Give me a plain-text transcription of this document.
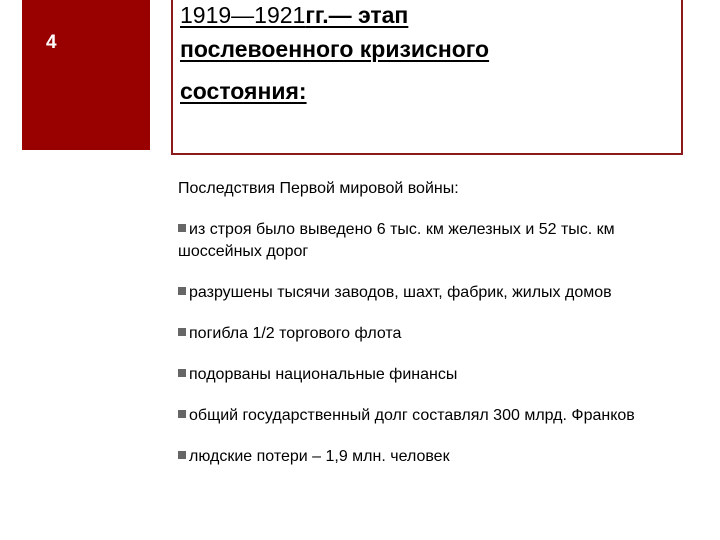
4
1919—1921гг.— этап
послевоенного кризисного
состояния:

Последствия Первой мировой войны:

из строя было выведено 6 тыс. км железных и 52 тыс. км шоссейных дорог
разрушены тысячи заводов, шахт, фабрик, жилых домов
погибла 1/2 торгового флота
подорваны национальные финансы
общий государственный долг составлял 300 млрд. Франков
людские потери – 1,9 млн. человек
